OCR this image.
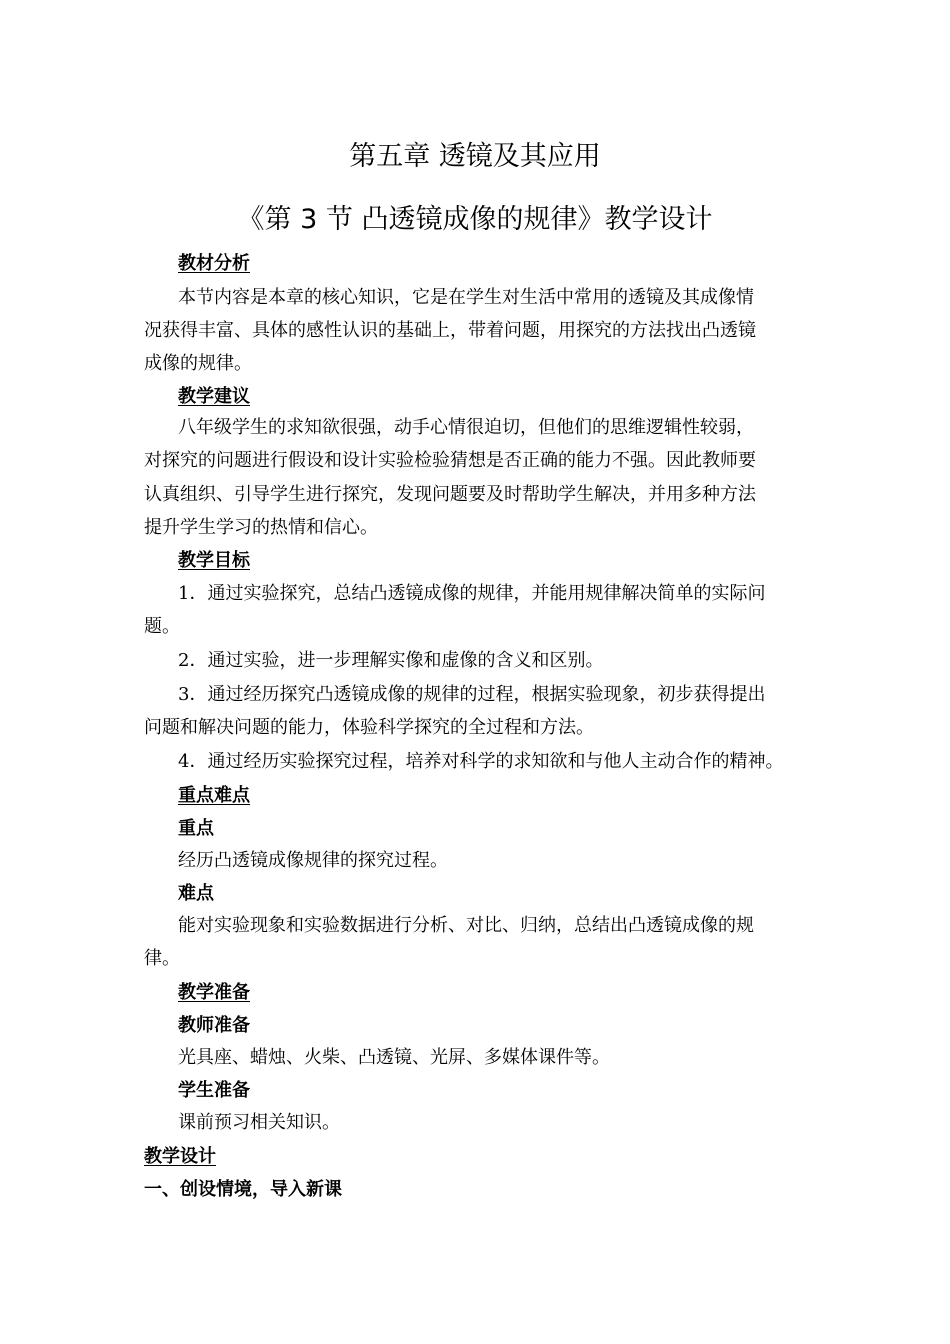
第五章 透镜及其应用
《第 3 节 凸透镜成像的规律》教学设计
教材分析
本节内容是本章的核心知识，它是在学生对生活中常用的透镜及其成像情
况获得丰富、具体的感性认识的基础上，带着问题，用探究的方法找出凸透镜
成像的规律。
教学建议
八年级学生的求知欲很强，动手心情很迫切，但他们的思维逻辑性较弱，
对探究的问题进行假设和设计实验检验猜想是否正确的能力不强。因此教师要
认真组织、引导学生进行探究，发现问题要及时帮助学生解决，并用多种方法
提升学生学习的热情和信心。
教学目标
1．通过实验探究，总结凸透镜成像的规律，并能用规律解决简单的实际问
题。
2．通过实验，进一步理解实像和虚像的含义和区别。
3．通过经历探究凸透镜成像的规律的过程，根据实验现象，初步获得提出
问题和解决问题的能力，体验科学探究的全过程和方法。
4．通过经历实验探究过程，培养对科学的求知欲和与他人主动合作的精神。
重点难点
重点
经历凸透镜成像规律的探究过程。
难点
能对实验现象和实验数据进行分析、对比、归纳，总结出凸透镜成像的规
律。
教学准备
教师准备
光具座、蜡烛、火柴、凸透镜、光屏、多媒体课件等。
学生准备
课前预习相关知识。
教学设计
一、创设情境，导入新课
